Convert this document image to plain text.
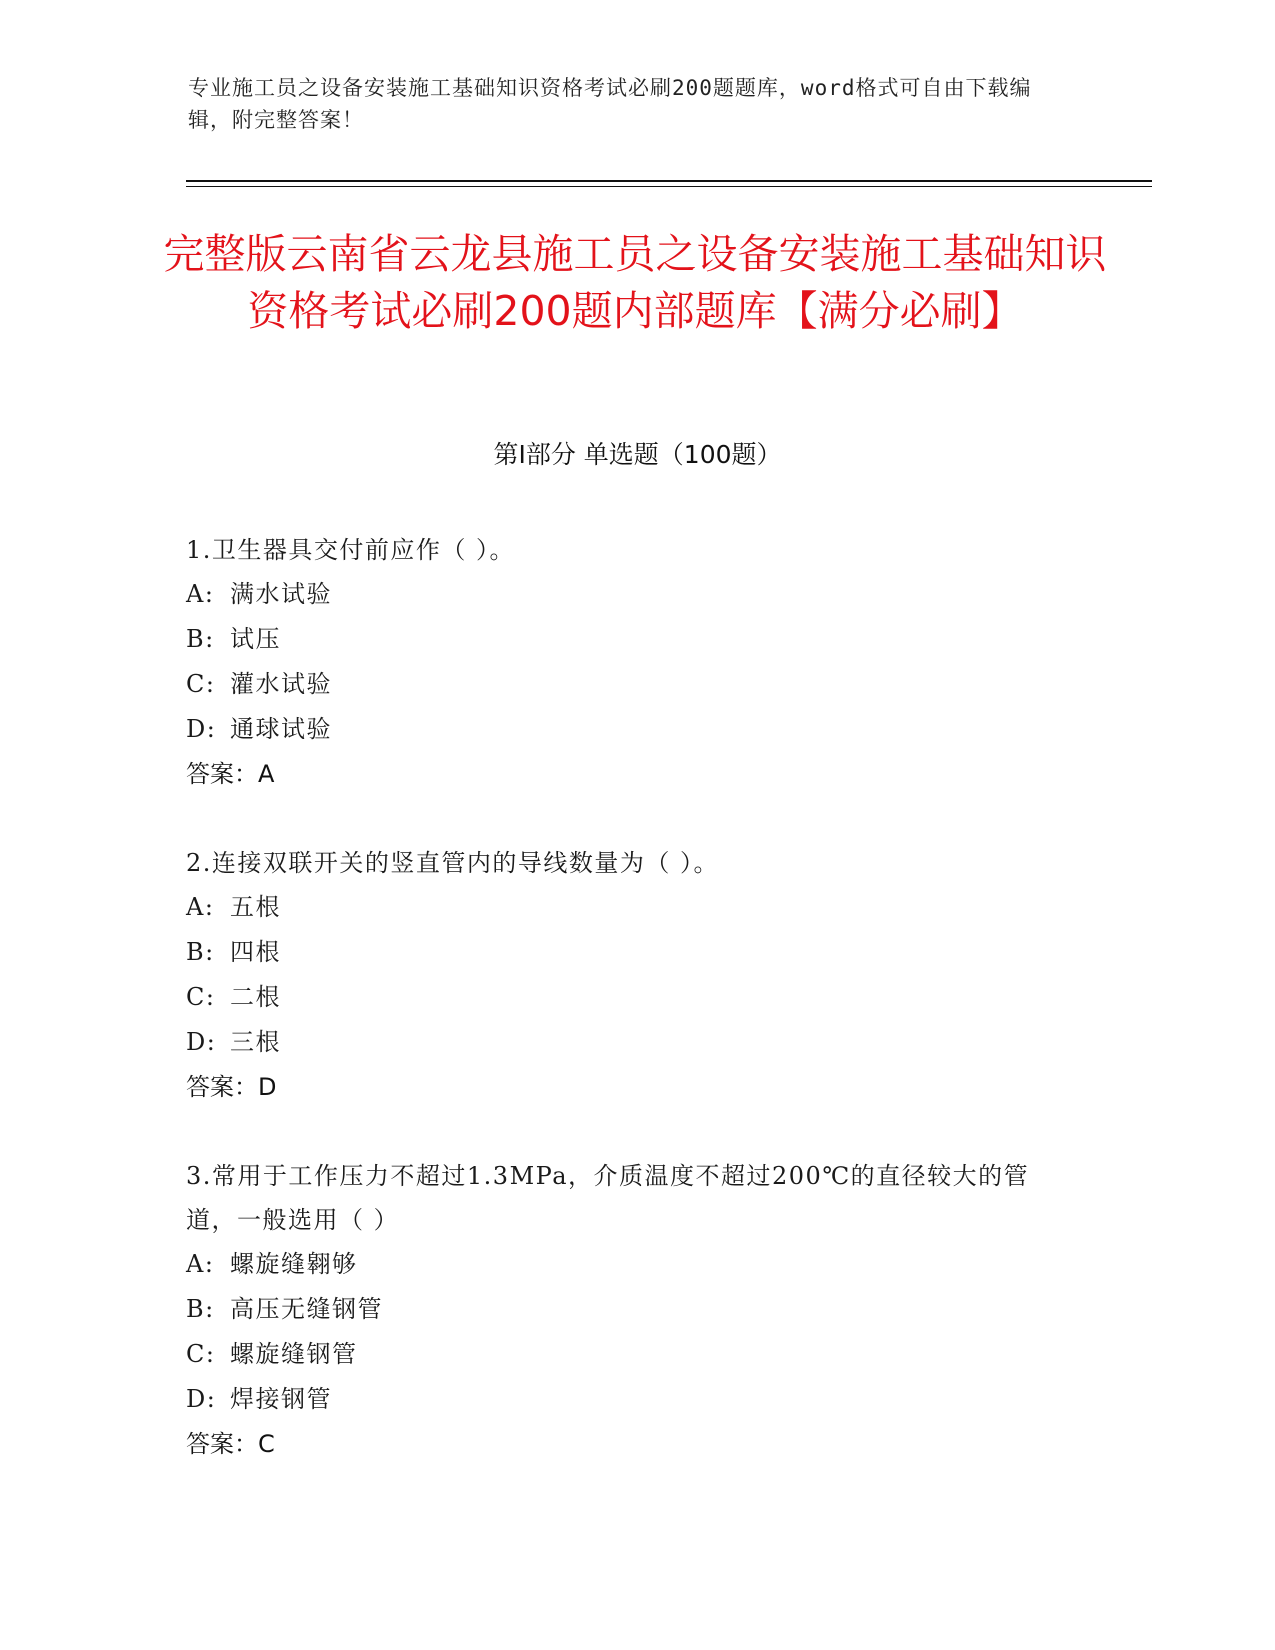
专业施工员之设备安装施工基础知识资格考试必刷200题题库，word格式可自由下载编辑，附完整答案！
完整版云南省云龙县施工员之设备安装施工基础知识资格考试必刷200题内部题库【满分必刷】
第Ⅰ部分 单选题（100题）
1.卫生器具交付前应作（ ）。
A: 满水试验
B: 试压
C: 灌水试验
D: 通球试验
答案：A
2.连接双联开关的竖直管内的导线数量为（ ）。
A: 五根
B: 四根
C: 二根
D: 三根
答案：D
3.常用于工作压力不超过1.3MPa，介质温度不超过200℃的直径较大的管道，一般选用（ ）
A: 螺旋缝翱够
B: 高压无缝钢管
C: 螺旋缝钢管
D: 焊接钢管
答案：C
